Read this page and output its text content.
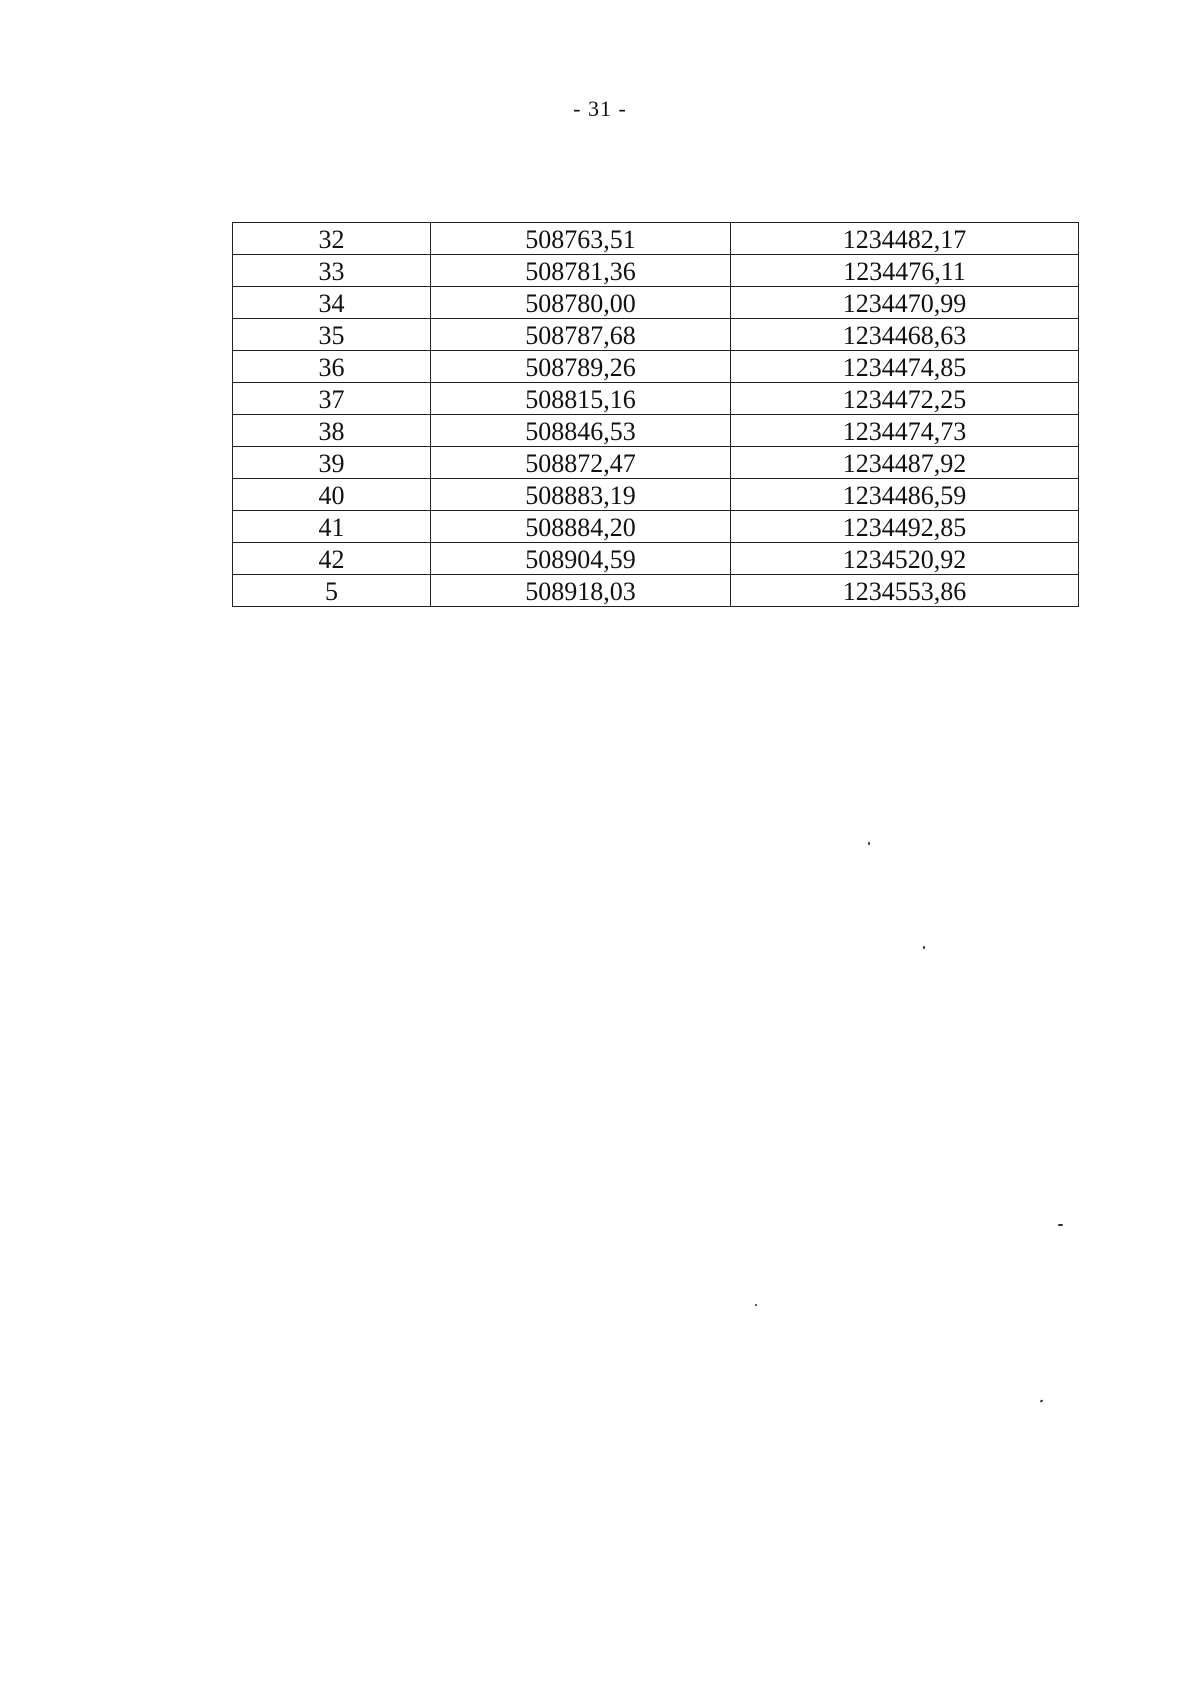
- 31 -
32	508763,51	1234482,17
33	508781,36	1234476,11
34	508780,00	1234470,99
35	508787,68	1234468,63
36	508789,26	1234474,85
37	508815,16	1234472,25
38	508846,53	1234474,73
39	508872,47	1234487,92
40	508883,19	1234486,59
41	508884,20	1234492,85
42	508904,59	1234520,92
5	508918,03	1234553,86
